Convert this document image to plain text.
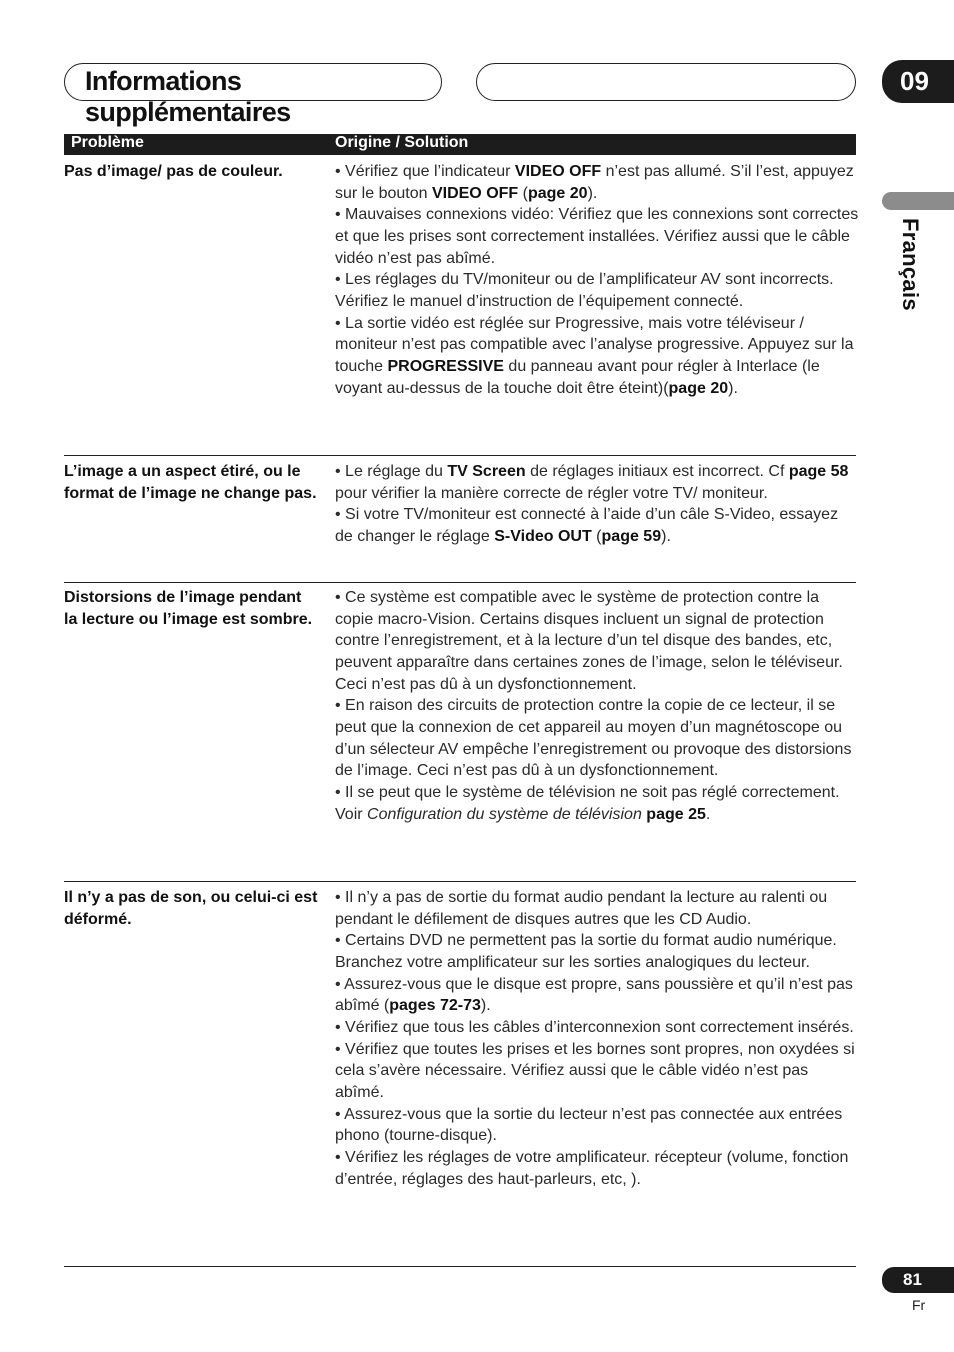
Informations supplémentaires
09
Français
Problème	Origine / Solution
Pas d’image/ pas de couleur.	• Vérifiez que l’indicateur VIDEO OFF n’est pas allumé. S’il l’est, appuyez sur le bouton VIDEO OFF (page 20).
• Mauvaises connexions vidéo: Vérifiez que les connexions sont correctes et que les prises sont correctement installées. Vérifiez aussi que le câble vidéo n’est pas abîmé.
• Les réglages du TV/moniteur ou de l’amplificateur AV sont incorrects. Vérifiez le manuel d’instruction de l’équipement connecté.
• La sortie vidéo est réglée sur Progressive, mais votre téléviseur / moniteur n’est pas compatible avec l’analyse progressive. Appuyez sur la touche PROGRESSIVE du panneau avant pour régler à Interlace (le voyant au-dessus de la touche doit être éteint)(page 20).
L’image a un aspect étiré, ou le format de l’image ne change pas.
• Le réglage du TV Screen de réglages initiaux est incorrect. Cf page 58 pour vérifier la manière correcte de régler votre TV/ moniteur.
• Si votre TV/moniteur est connecté à l’aide d’un câle S-Video, essayez de changer le réglage S-Video OUT (page 59).
Distorsions de l’image pendant la lecture ou l’image est sombre.
• Ce système est compatible avec le système de protection contre la copie macro-Vision. Certains disques incluent un signal de protection contre l’enregistrement, et à la lecture d’un tel disque des bandes, etc, peuvent apparaître dans certaines zones de l’image, selon le téléviseur. Ceci n’est pas dû à un dysfonctionnement.
• En raison des circuits de protection contre la copie de ce lecteur, il se peut que la connexion de cet appareil au moyen d’un magnétoscope ou d’un sélecteur AV empêche l’enregistrement ou provoque des distorsions de l’image. Ceci n’est pas dû à un dysfonctionnement.
• Il se peut que le système de télévision ne soit pas réglé correctement. Voir Configuration du système de télévision page 25.
Il n’y a pas de son, ou celui-ci est déformé.
• Il n’y a pas de sortie du format audio pendant la lecture au ralenti ou pendant le défilement de disques autres que les CD Audio.
• Certains DVD ne permettent pas la sortie du format audio numérique. Branchez votre amplificateur sur les sorties analogiques du lecteur.
• Assurez-vous que le disque est propre, sans poussière et qu’il n’est pas abîmé (pages 72-73).
• Vérifiez que tous les câbles d’interconnexion sont correctement insérés.
• Vérifiez que toutes les prises et les bornes sont propres, non oxydées si cela s’avère nécessaire. Vérifiez aussi que le câble vidéo n’est pas abîmé.
• Assurez-vous que la sortie du lecteur n’est pas connectée aux entrées phono (tourne-disque).
• Vérifiez les réglages de votre amplificateur. récepteur (volume, fonction d’entrée, réglages des haut-parleurs, etc, ).
81
Fr
